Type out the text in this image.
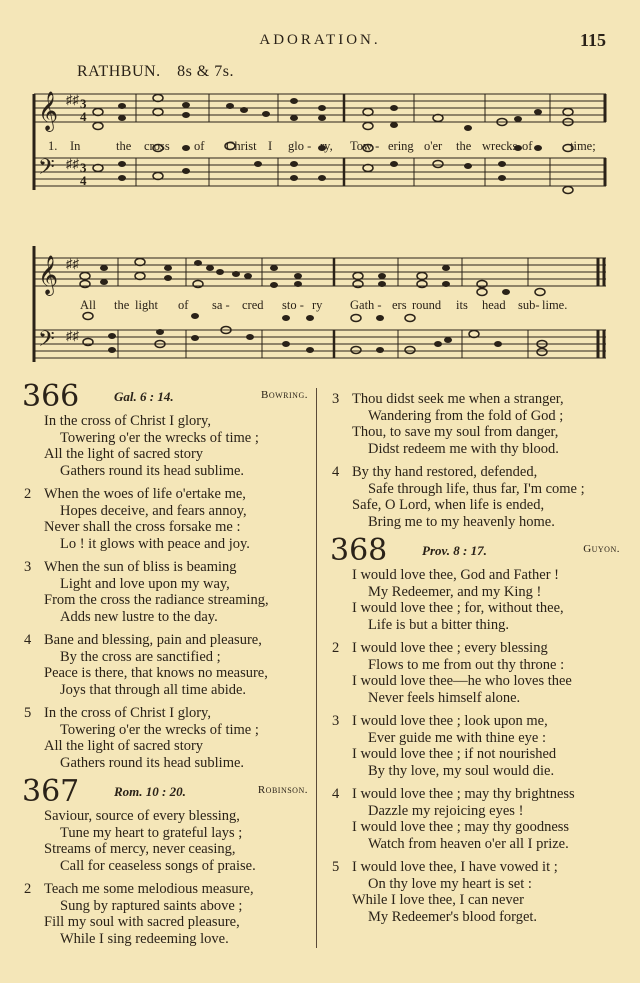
ADORATION.	115
RATHBUN. 8s & 7s.
𝄞
𝄢
♯♯
♯♯
3
4
3
4
1. In	the cross of Christ I glo - ry, Tow - ering o'er the wrecks of	time;
𝄞
𝄢
♯♯
♯♯
All the light of sa - cred sto - ry Gath - ers round its head sub- lime.
366	Gal. 6 : 14.	Bowring.
In the cross of Christ I glory,
Towering o'er the wrecks of time ;
All the light of sacred story
Gathers round its head sublime.
2 When the woes of life o'ertake me,
Hopes deceive, and fears annoy,
Never shall the cross forsake me :
Lo ! it glows with peace and joy.
3 When the sun of bliss is beaming
Light and love upon my way,
From the cross the radiance streaming,
Adds new lustre to the day.
4 Bane and blessing, pain and pleasure,
By the cross are sanctified ;
Peace is there, that knows no measure,
Joys that through all time abide.
5 In the cross of Christ I glory,
Towering o'er the wrecks of time ;
All the light of sacred story
Gathers round its head sublime.
367	Rom. 10 : 20.	Robinson.
Saviour, source of every blessing,
Tune my heart to grateful lays ;
Streams of mercy, never ceasing,
Call for ceaseless songs of praise.
2 Teach me some melodious measure,
Sung by raptured saints above ;
Fill my soul with sacred pleasure,
While I sing redeeming love.
3 Thou didst seek me when a stranger,
Wandering from the fold of God ;
Thou, to save my soul from danger,
Didst redeem me with thy blood.
4 By thy hand restored, defended,
Safe through life, thus far, I'm come ;
Safe, O Lord, when life is ended,
Bring me to my heavenly home.
368	Prov. 8 : 17.	Guyon.
I would love thee, God and Father !
My Redeemer, and my King !
I would love thee ; for, without thee,
Life is but a bitter thing.
2 I would love thee ; every blessing
Flows to me from out thy throne :
I would love thee—he who loves thee
Never feels himself alone.
3 I would love thee ; look upon me,
Ever guide me with thine eye :
I would love thee ; if not nourished
By thy love, my soul would die.
4 I would love thee ; may thy brightness
Dazzle my rejoicing eyes !
I would love thee ; may thy goodness
Watch from heaven o'er all I prize.
5 I would love thee, I have vowed it ;
On thy love my heart is set :
While I love thee, I can never
My Redeemer's blood forget.
